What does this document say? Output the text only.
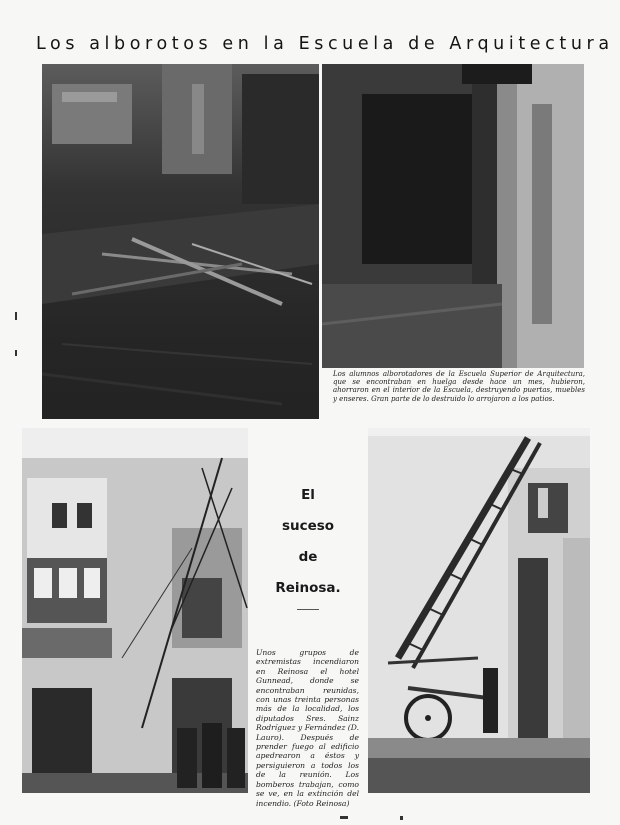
Los alborotos en la Escuela de Arquitectura
Los alumnos alborotadores de la Escuela Superior de Arquitectura, que se encontraban en huelga desde hace un mes, hubieron, ahorraron en el interior de la Escuela, destruyendo puertas, muebles y enseres. Gran parte de lo destruido lo arrojaron a los patios.
El
suceso
de
Reinosa.
Unos grupos de extremistas incendiaron en Reinosa el hotel Gunnead, donde se encontraban reunidas, con unas treinta personas más de la localidad, los diputados Sres. Sainz Rodríguez y Fernández (D. Lauro). Después de prender fuego al edificio apedrearon a éstos y persiguieron a todos los de la reunión. Los bomberos trabajan, como se ve, en la extinción del incendio. (Foto Reinosa)
